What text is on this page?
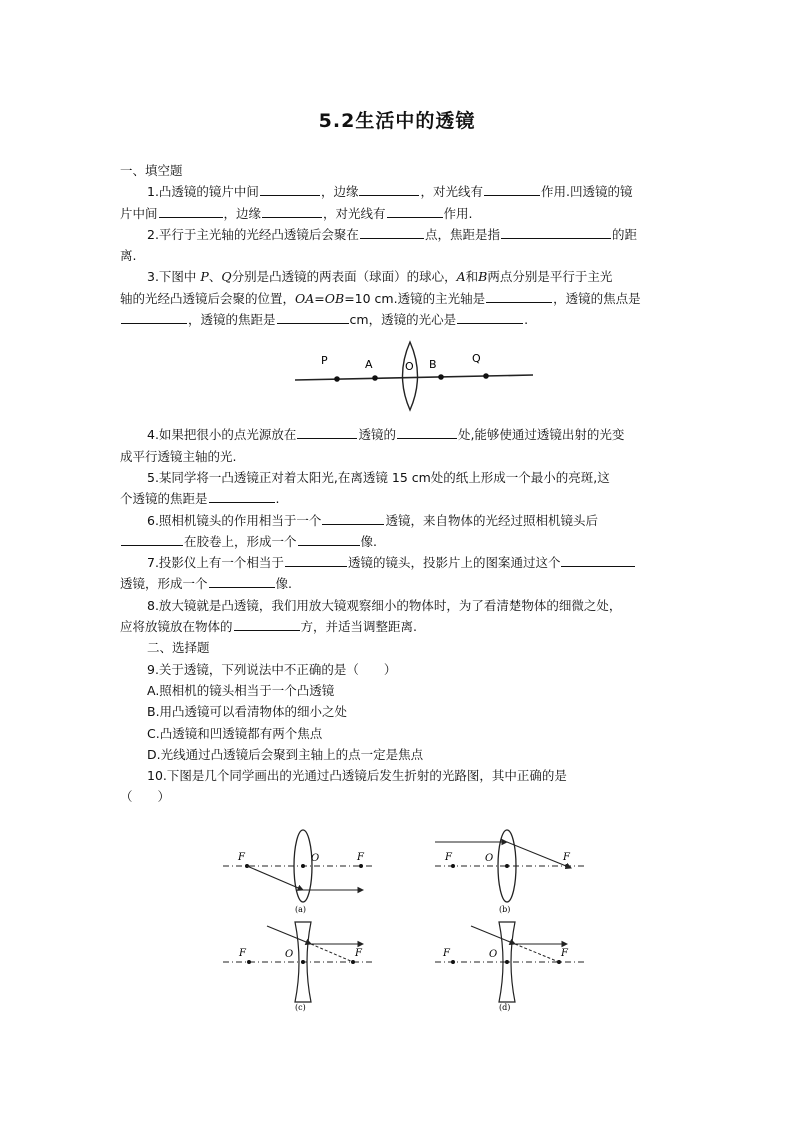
5.2生活中的透镜

一、填空题

1.凸透镜的镜片中间	，边缘	，对光线有	作用.凹透镜的镜

片中间	，边缘	，对光线有	作用.

2.平行于主光轴的光经凸透镜后会聚在	点，焦距是指	的距

离.

3.下图中 P、Q分别是凸透镜的两表面（球面）的球心，A和B两点分别是平行于主光

轴的光经凸透镜后会聚的位置，OA=OB=10 cm.透镜的主光轴是	，透镜的焦点是

，透镜的焦距是	cm，透镜的光心是	.

P	A	O B	Q

4.如果把很小的点光源放在	透镜的	处,能够使通过透镜出射的光变

成平行透镜主轴的光.

5.某同学将一凸透镜正对着太阳光,在离透镜 15 cm处的纸上形成一个最小的亮斑,这

个透镜的焦距是	.

6.照相机镜头的作用相当于一个	透镜，来自物体的光经过照相机镜头后

在胶卷上，形成一个	像.

7.投影仪上有一个相当于	透镜的镜头，投影片上的图案通过这个

透镜，形成一个	像.

8.放大镜就是凸透镜，我们用放大镜观察细小的物体时，为了看清楚物体的细微之处，

应将放镜放在物体的	方，并适当调整距离.

二、选择题

9.关于透镜，下列说法中不正确的是（　　）

A.照相机的镜头相当于一个凸透镜

B.用凸透镜可以看清物体的细小之处

C.凸透镜和凹透镜都有两个焦点

D.光线通过凸透镜后会聚到主轴上的点一定是焦点

10.下图是几个同学画出的光通过凸透镜后发生折射的光路图，其中正确的是

（　　）

F	O	F
(a)
F	O	F
(b)
F	O	F
(c)
F	O	F
(d)
